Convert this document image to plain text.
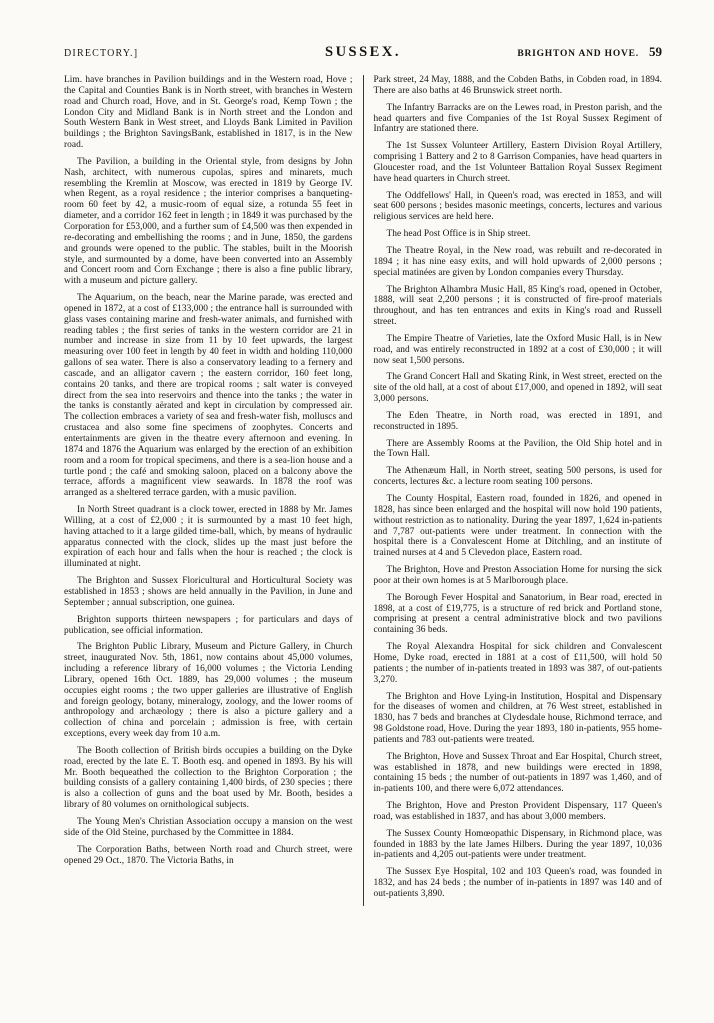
DIRECTORY.]	SUSSEX.	BRIGHTON AND HOVE. 59

Lim. have branches in Pavilion buildings and in the Western road, Hove ; the Capital and Counties Bank is in North street, with branches in Western road and Church road, Hove, and in St. George's road, Kemp Town ; the London City and Midland Bank is in North street and the London and South Western Bank in West street, and Lloyds Bank Limited in Pavilion buildings ; the Brighton SavingsBank, established in 1817, is in the New road.

The Pavilion, a building in the Oriental style, from designs by John Nash, architect, with numerous cupolas, spires and minarets, much resembling the Kremlin at Moscow, was erected in 1819 by George IV. when Regent, as a royal residence ; the interior comprises a banqueting-room 60 feet by 42, a music-room of equal size, a rotunda 55 feet in diameter, and a corridor 162 feet in length ; in 1849 it was purchased by the Corporation for £53,000, and a further sum of £4,500 was then expended in re-decorating and embellishing the rooms ; and in June, 1850, the gardens and grounds were opened to the public. The stables, built in the Moorish style, and surmounted by a dome, have been converted into an Assembly and Concert room and Corn Exchange ; there is also a fine public library, with a museum and picture gallery.

The Aquarium, on the beach, near the Marine parade, was erected and opened in 1872, at a cost of £133,000 ; the entrance hall is surrounded with glass vases containing marine and fresh-water animals, and furnished with reading tables ; the first series of tanks in the western corridor are 21 in number and increase in size from 11 by 10 feet upwards, the largest measuring over 100 feet in length by 40 feet in width and holding 110,000 gallons of sea water. There is also a conservatory leading to a fernery and cascade, and an alligator cavern ; the eastern corridor, 160 feet long, contains 20 tanks, and there are tropical rooms ; salt water is conveyed direct from the sea into reservoirs and thence into the tanks ; the water in the tanks is constantly aërated and kept in circulation by compressed air. The collection embraces a variety of sea and fresh-water fish, molluscs and crustacea and also some fine specimens of zoophytes. Concerts and entertainments are given in the theatre every afternoon and evening. In 1874 and 1876 the Aquarium was enlarged by the erection of an exhibition room and a room for tropical specimens, and there is a sea-lion house and a turtle pond ; the café and smoking saloon, placed on a balcony above the terrace, affords a magnificent view seawards. In 1878 the roof was arranged as a sheltered terrace garden, with a music pavilion.

In North Street quadrant is a clock tower, erected in 1888 by Mr. James Willing, at a cost of £2,000 ; it is surmounted by a mast 10 feet high, having attached to it a large gilded time-ball, which, by means of hydraulic apparatus connected with the clock, slides up the mast just before the expiration of each hour and falls when the hour is reached ; the clock is illuminated at night.

The Brighton and Sussex Floricultural and Horticultural Society was established in 1853 ; shows are held annually in the Pavilion, in June and September ; annual subscription, one guinea.

Brighton supports thirteen newspapers ; for particulars and days of publication, see official information.

The Brighton Public Library, Museum and Picture Gallery, in Church street, inaugurated Nov. 5th, 1861, now contains about 45,000 volumes, including a reference library of 16,000 volumes ; the Victoria Lending Library, opened 16th Oct. 1889, has 29,000 volumes ; the museum occupies eight rooms ; the two upper galleries are illustrative of English and foreign geology, botany, mineralogy, zoology, and the lower rooms of anthropology and archæology ; there is also a picture gallery and a collection of china and porcelain ; admission is free, with certain exceptions, every week day from 10 a.m.

The Booth collection of British birds occupies a building on the Dyke road, erected by the late E. T. Booth esq. and opened in 1893. By his will Mr. Booth bequeathed the collection to the Brighton Corporation ; the building consists of a gallery containing 1,400 birds, of 230 species ; there is also a collection of guns and the boat used by Mr. Booth, besides a library of 80 volumes on ornithological subjects.

The Young Men's Christian Association occupy a mansion on the west side of the Old Steine, purchased by the Committee in 1884.

The Corporation Baths, between North road and Church street, were opened 29 Oct., 1870. The Victoria Baths, in

Park street, 24 May, 1888, and the Cobden Baths, in Cobden road, in 1894. There are also baths at 46 Brunswick street north.

The Infantry Barracks are on the Lewes road, in Preston parish, and the head quarters and five Companies of the 1st Royal Sussex Regiment of Infantry are stationed there.

The 1st Sussex Volunteer Artillery, Eastern Division Royal Artillery, comprising 1 Battery and 2 to 8 Garrison Companies, have head quarters in Gloucester road, and the 1st Volunteer Battalion Royal Sussex Regiment have head quarters in Church street.

The Oddfellows' Hall, in Queen's road, was erected in 1853, and will seat 600 persons ; besides masonic meetings, concerts, lectures and various religious services are held here.

The head Post Office is in Ship street.

The Theatre Royal, in the New road, was rebuilt and re-decorated in 1894 ; it has nine easy exits, and will hold upwards of 2,000 persons ; special matinées are given by London companies every Thursday.

The Brighton Alhambra Music Hall, 85 King's road, opened in October, 1888, will seat 2,200 persons ; it is constructed of fire-proof materials throughout, and has ten entrances and exits in King's road and Russell street.

The Empire Theatre of Varieties, late the Oxford Music Hall, is in New road, and was entirely reconstructed in 1892 at a cost of £30,000 ; it will now seat 1,500 persons.

The Grand Concert Hall and Skating Rink, in West street, erected on the site of the old hall, at a cost of about £17,000, and opened in 1892, will seat 3,000 persons.

The Eden Theatre, in North road, was erected in 1891, and reconstructed in 1895.

There are Assembly Rooms at the Pavilion, the Old Ship hotel and in the Town Hall.

The Athenæum Hall, in North street, seating 500 persons, is used for concerts, lectures &c. a lecture room seating 100 persons.

The County Hospital, Eastern road, founded in 1826, and opened in 1828, has since been enlarged and the hospital will now hold 190 patients, without restriction as to nationality. During the year 1897, 1,624 in-patients and 7,787 out-patients were under treatment. In connection with the hospital there is a Convalescent Home at Ditchling, and an institute of trained nurses at 4 and 5 Clevedon place, Eastern road.

The Brighton, Hove and Preston Association Home for nursing the sick poor at their own homes is at 5 Marlborough place.

The Borough Fever Hospital and Sanatorium, in Bear road, erected in 1898, at a cost of £19,775, is a structure of red brick and Portland stone, comprising at present a central administrative block and two pavilions containing 36 beds.

The Royal Alexandra Hospital for sick children and Convalescent Home, Dyke road, erected in 1881 at a cost of £11,500, will hold 50 patients ; the number of in-patients treated in 1893 was 387, of out-patients 3,270.

The Brighton and Hove Lying-in Institution, Hospital and Dispensary for the diseases of women and children, at 76 West street, established in 1830, has 7 beds and branches at Clydesdale house, Richmond terrace, and 98 Goldstone road, Hove. During the year 1893, 180 in-patients, 955 home-patients and 783 out-patients were treated.

The Brighton, Hove and Sussex Throat and Ear Hospital, Church street, was established in 1878, and new buildings were erected in 1898, containing 15 beds ; the number of out-patients in 1897 was 1,460, and of in-patients 100, and there were 6,072 attendances.

The Brighton, Hove and Preston Provident Dispensary, 117 Queen's road, was established in 1837, and has about 3,000 members.

The Sussex County Homœopathic Dispensary, in Richmond place, was founded in 1883 by the late James Hilbers. During the year 1897, 10,036 in-patients and 4,205 out-patients were under treatment.

The Sussex Eye Hospital, 102 and 103 Queen's road, was founded in 1832, and has 24 beds ; the number of in-patients in 1897 was 140 and of out-patients 3,890.
